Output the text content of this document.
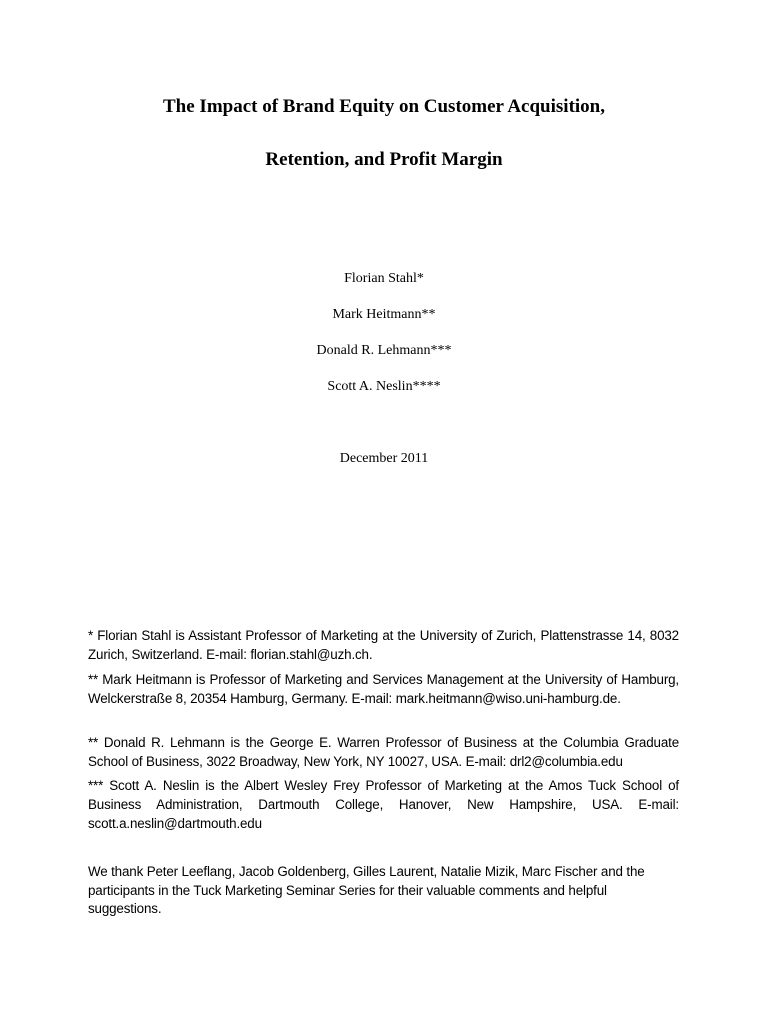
The Impact of Brand Equity on Customer Acquisition,
Retention, and Profit Margin
Florian Stahl*
Mark Heitmann**
Donald R. Lehmann***
Scott A. Neslin****
December 2011

* Florian Stahl is Assistant Professor of Marketing at the University of Zurich, Plattenstrasse 14, 8032 Zurich, Switzerland. E-mail: florian.stahl@uzh.ch.

** Mark Heitmann is Professor of Marketing and Services Management at the University of Hamburg, Welckerstraße 8, 20354 Hamburg, Germany. E-mail: mark.heitmann@wiso.uni-hamburg.de.

** Donald R. Lehmann is the George E. Warren Professor of Business at the Columbia Graduate School of Business, 3022 Broadway, New York, NY 10027, USA. E-mail: drl2@columbia.edu

*** Scott A. Neslin is the Albert Wesley Frey Professor of Marketing at the Amos Tuck School of Business Administration, Dartmouth College, Hanover, New Hampshire, USA. E-mail: scott.a.neslin@dartmouth.edu

We thank Peter Leeflang, Jacob Goldenberg, Gilles Laurent, Natalie Mizik, Marc Fischer and the participants in the Tuck Marketing Seminar Series for their valuable comments and helpful suggestions.
